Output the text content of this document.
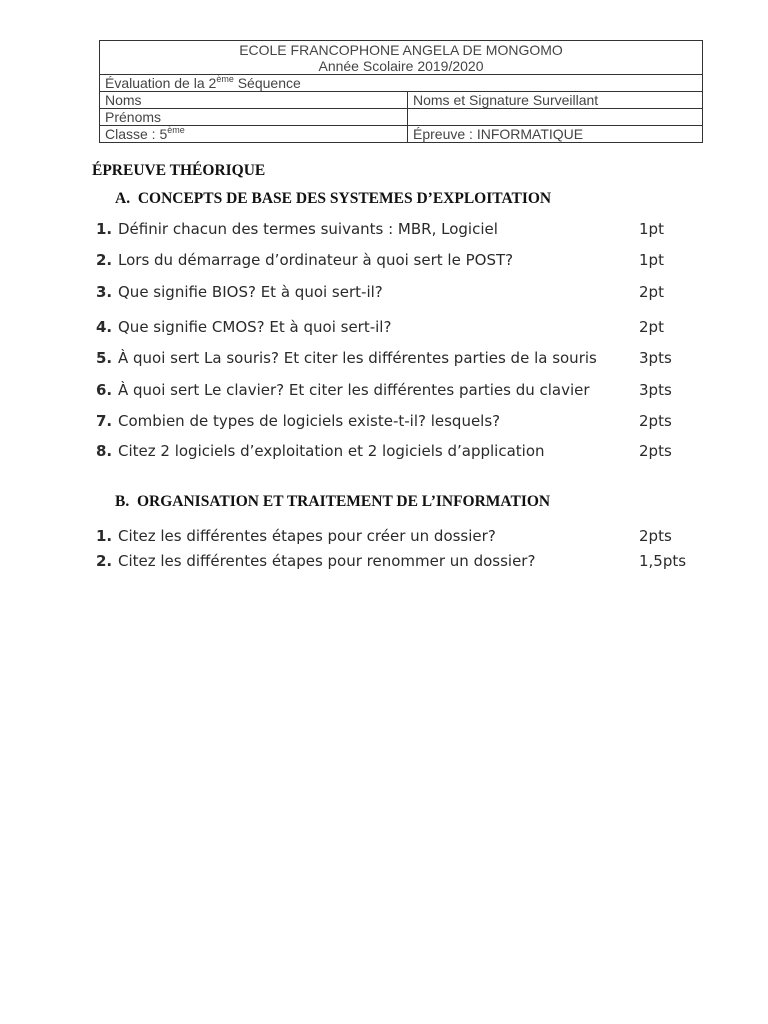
ECOLE FRANCOPHONE ANGELA DE MONGOMO
Année Scolaire 2019/2020	

Évaluation de la 2ème Séquence	
Noms	Noms et Signature Surveillant
Prénoms	
Classe : 5ème	Épreuve : INFORMATIQUE
ÉPREUVE THÉORIQUE
A. CONCEPTS DE BASE DES SYSTEMES D’EXPLOITATION
1. Définir chacun des termes suivants : MBR, Logiciel	1pt
2. Lors du démarrage d’ordinateur à quoi sert le POST?	1pt
3. Que signifie BIOS? Et à quoi sert-il?	2pt
4. Que signifie CMOS? Et à quoi sert-il?	2pt
5. À quoi sert La souris? Et citer les différentes parties de la souris	3pts
6. À quoi sert Le clavier? Et citer les différentes parties du clavier	3pts
7. Combien de types de logiciels existe-t-il? lesquels?	2pts
8. Citez 2 logiciels d’exploitation et 2 logiciels d’application	2pts
B. ORGANISATION ET TRAITEMENT DE L’INFORMATION
1. Citez les différentes étapes pour créer un dossier?	2pts
2. Citez les différentes étapes pour renommer un dossier?	1,5pts
